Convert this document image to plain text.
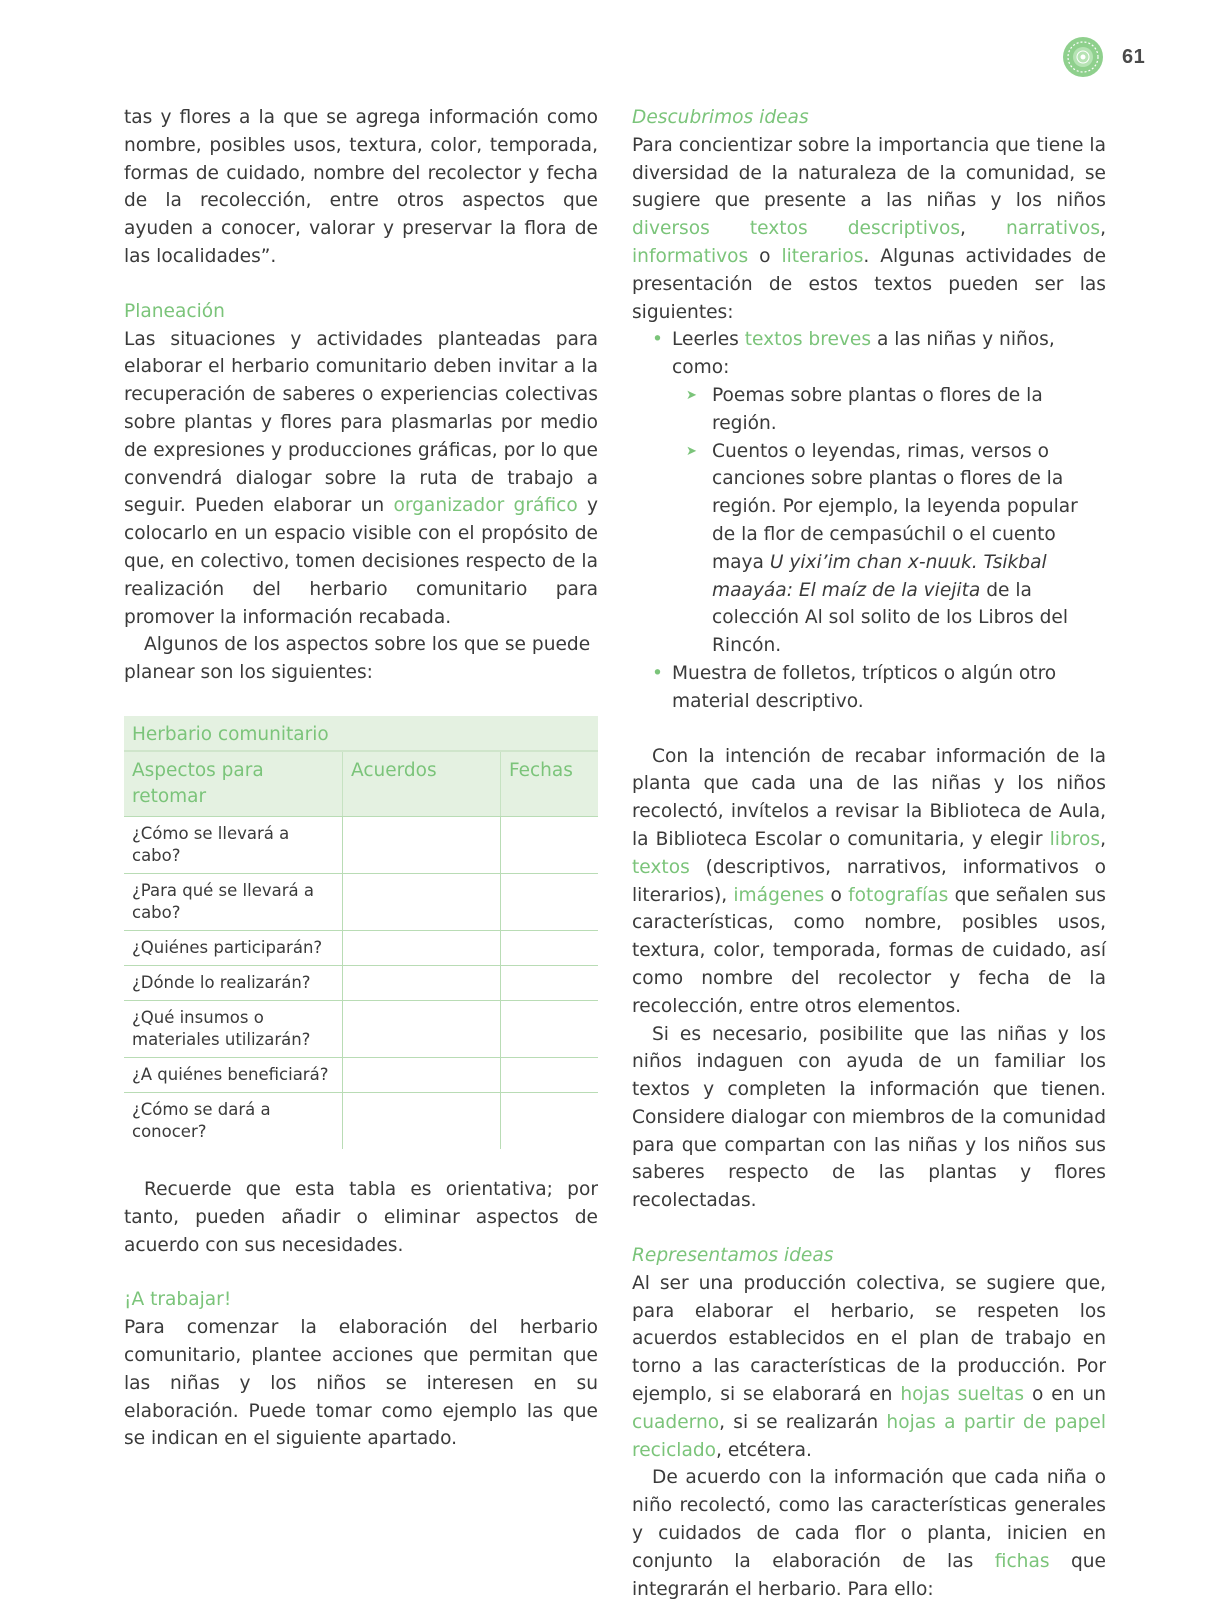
61

tas y flores a la que se agrega información como nombre, posibles usos, textura, color, temporada, formas de cuidado, nombre del recolector y fecha de la recolección, entre otros aspectos que ayuden a conocer, valorar y preservar la flora de las localidades”.

Planeación

Las situaciones y actividades planteadas para elaborar el herbario comunitario deben invitar a la recuperación de saberes o experiencias colectivas sobre plantas y flores para plasmarlas por medio de expresiones y producciones gráficas, por lo que convendrá dialogar sobre la ruta de trabajo a seguir. Pueden elaborar un organizador gráfico y colocarlo en un espacio visible con el propósito de que, en colectivo, tomen decisiones respecto de la realización del herbario comunitario para promover la información recabada.

Algunos de los aspectos sobre los que se puede planear son los siguientes:

Herbario comunitario		
Aspectos para retomar	Acuerdos	Fechas
¿Cómo se llevará a cabo?		
¿Para qué se llevará a cabo?		
¿Quiénes participarán?		
¿Dónde lo realizarán?		
¿Qué insumos o materiales utilizarán?		
¿A quiénes beneficiará?		
¿Cómo se dará a conocer?		

Recuerde que esta tabla es orientativa; por tanto, pueden añadir o eliminar aspectos de acuerdo con sus necesidades.

¡A trabajar!

Para comenzar la elaboración del herbario comunitario, plantee acciones que permitan que las niñas y los niños se interesen en su elaboración. Puede tomar como ejemplo las que se indican en el siguiente apartado.

Descubrimos ideas

Para concientizar sobre la importancia que tiene la diversidad de la naturaleza de la comunidad, se sugiere que presente a las niñas y los niños diversos textos descriptivos, narrativos, informativos o literarios. Algunas actividades de presentación de estos textos pueden ser las siguientes:

• Leerles textos breves a las niñas y niños, como:
➤ Poemas sobre plantas o flores de la región.
➤ Cuentos o leyendas, rimas, versos o canciones sobre plantas o flores de la región. Por ejemplo, la leyenda popular de la flor de cempasúchil o el cuento maya U yixi’im chan x-nuuk. Tsikbal maayáa: El maíz de la viejita de la colección Al sol solito de los Libros del Rincón.
• Muestra de folletos, trípticos o algún otro material descriptivo.

Con la intención de recabar información de la planta que cada una de las niñas y los niños recolectó, invítelos a revisar la Biblioteca de Aula, la Biblioteca Escolar o comunitaria, y elegir libros, textos (descriptivos, narrativos, informativos o literarios), imágenes o fotografías que señalen sus características, como nombre, posibles usos, textura, color, temporada, formas de cuidado, así como nombre del recolector y fecha de la recolección, entre otros elementos.

Si es necesario, posibilite que las niñas y los niños indaguen con ayuda de un familiar los textos y completen la información que tienen. Considere dialogar con miembros de la comunidad para que compartan con las niñas y los niños sus saberes respecto de las plantas y flores recolectadas.

Representamos ideas

Al ser una producción colectiva, se sugiere que, para elaborar el herbario, se respeten los acuerdos establecidos en el plan de trabajo en torno a las características de la producción. Por ejemplo, si se elaborará en hojas sueltas o en un cuaderno, si se realizarán hojas a partir de papel reciclado, etcétera.

De acuerdo con la información que cada niña o niño recolectó, como las características generales y cuidados de cada flor o planta, inicien en conjunto la elaboración de las fichas que integrarán el herbario. Para ello:
